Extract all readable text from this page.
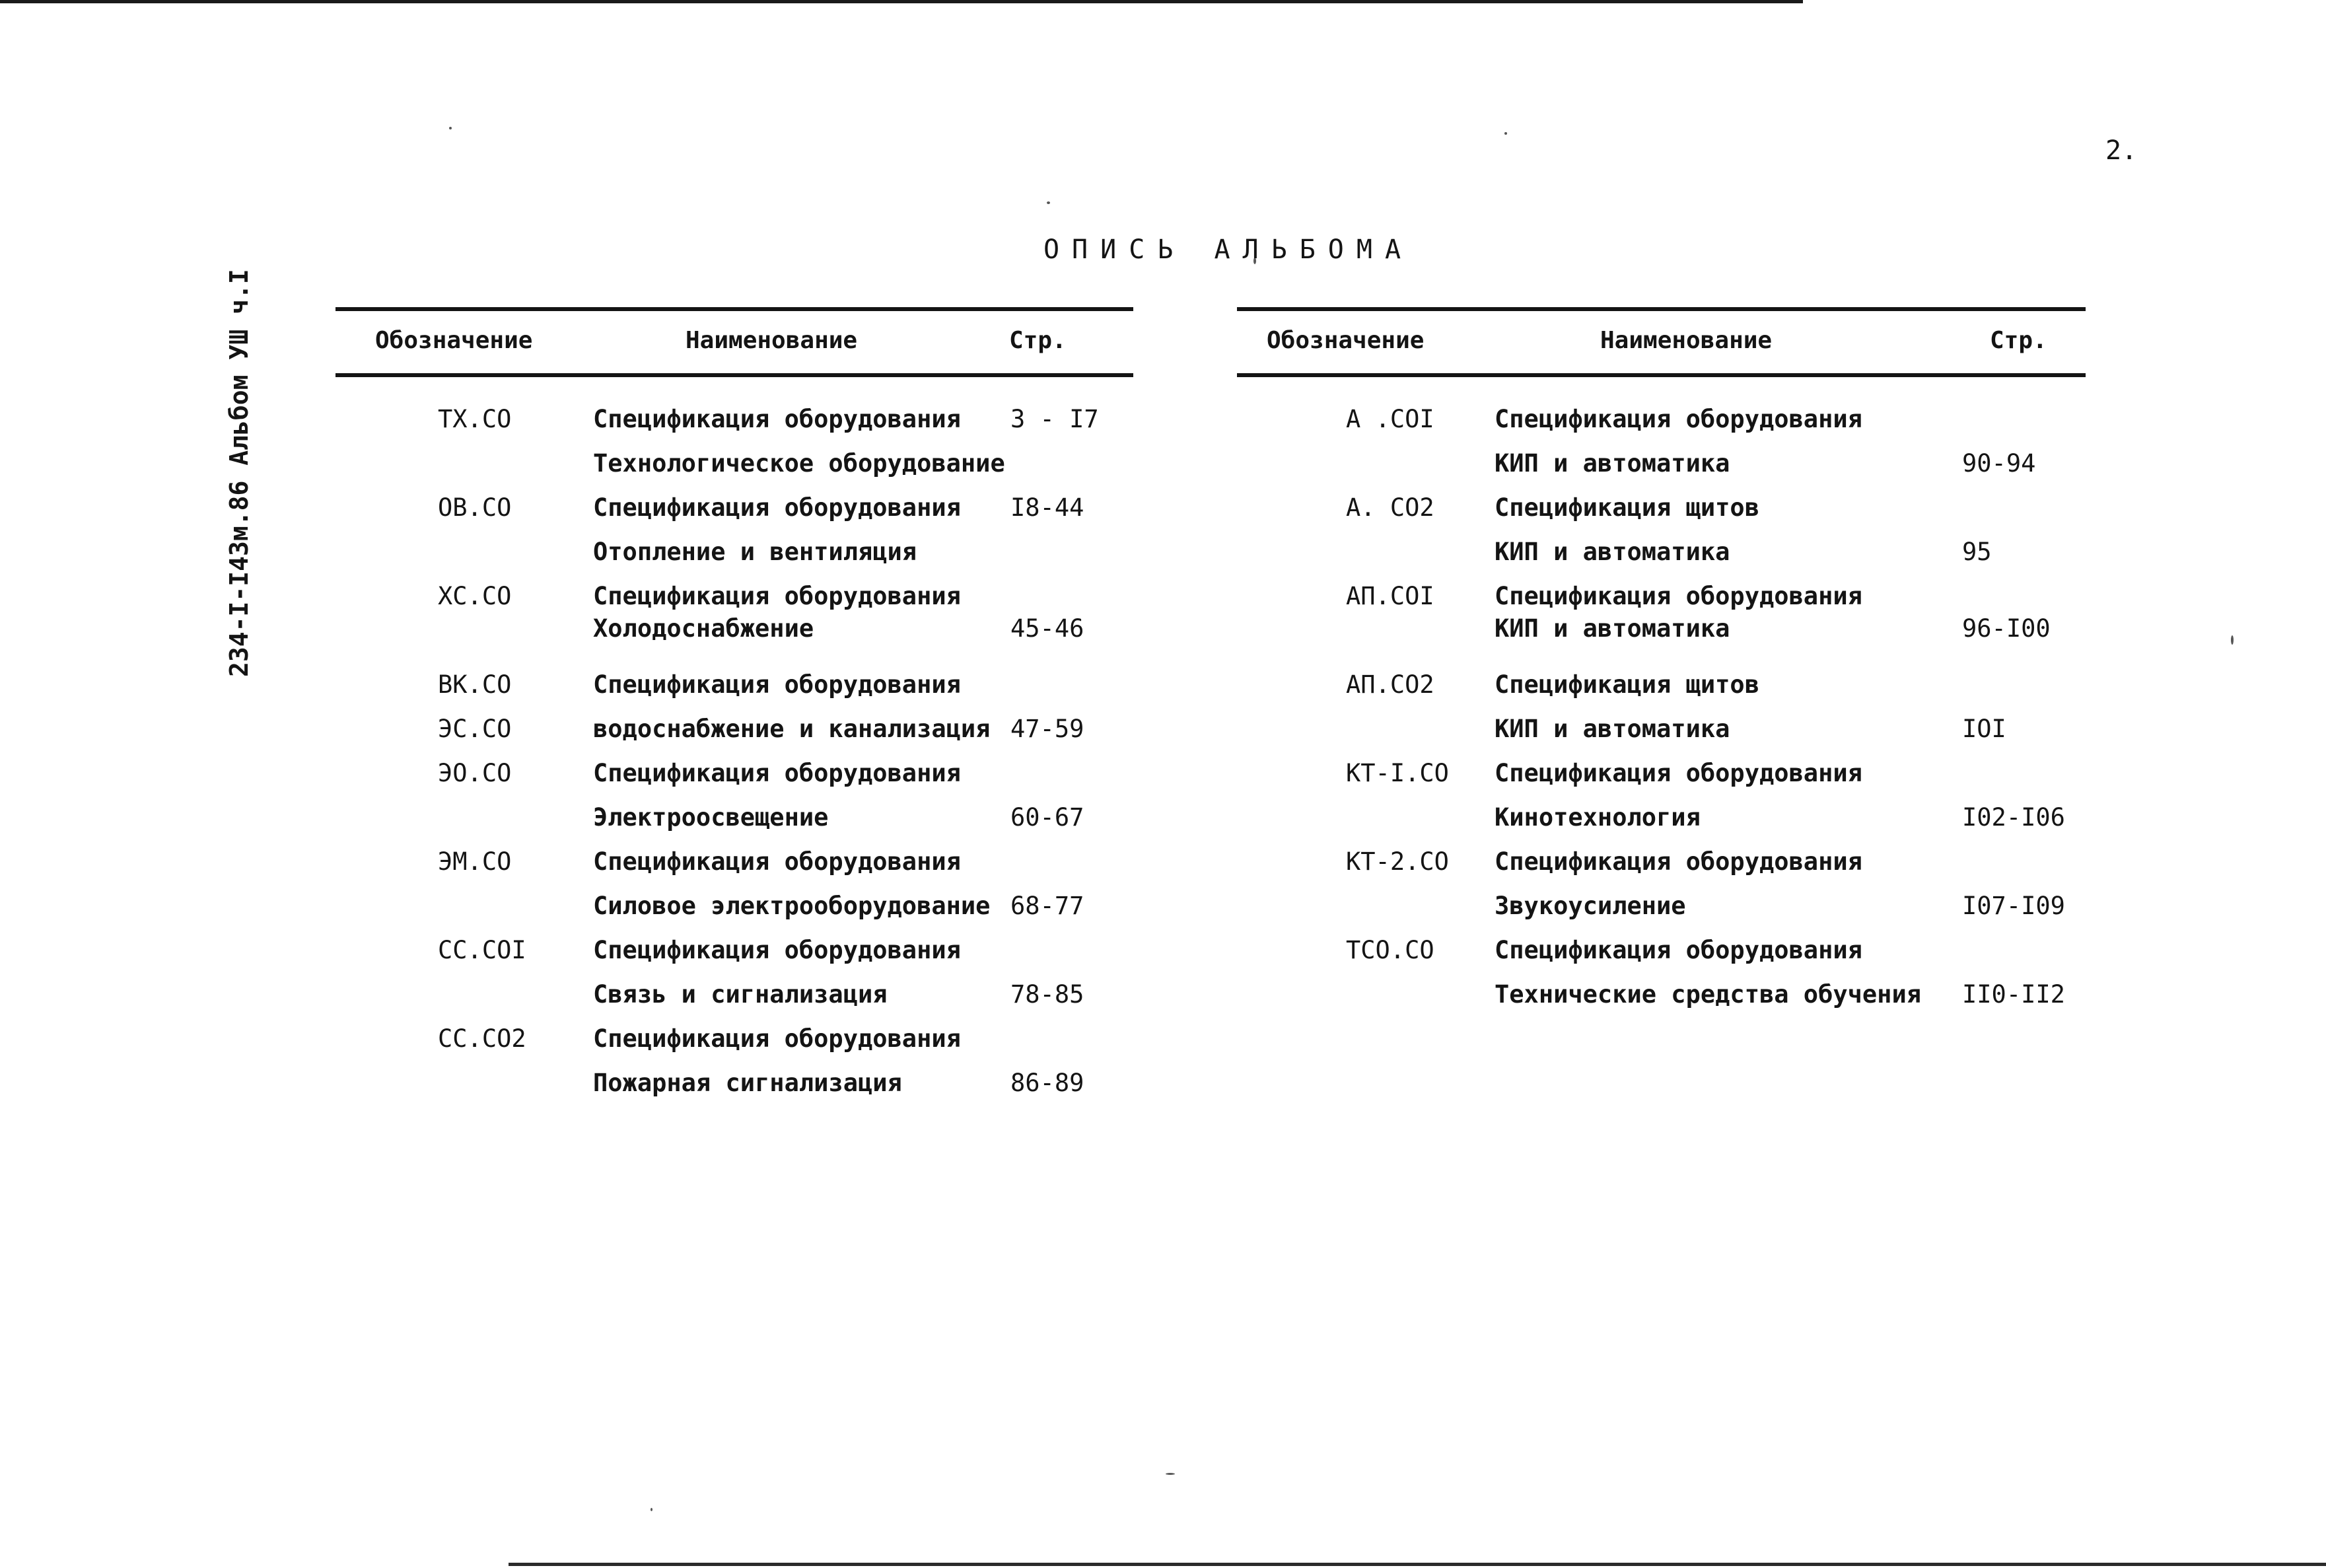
2.
234-I-I43м.86 Альбом УШ ч.I
ОПИСЬ АЛЬБОМА
Обозначение	Наименование	Стр.
TX.CO	Спецификация оборудования 3 - I7
Технологическое оборудование
OB.CO	Спецификация оборудования I8-44
Отопление и вентиляция
XC.CO	Спецификация оборудования
Холодоснабжение	45-46
BK.CO	Спецификация оборудования
ЭС.СО	водоснабжение и канализация 47-59
ЭО.CO	Спецификация оборудования
Электроосвещение	60-67
ЭМ.CO	Спецификация оборудования
Силовое электрооборудование 68-77
CC.COI	Спецификация оборудования
Связь и сигнализация	78-85
CC.CO2	Спецификация оборудования
Пожарная сигнализация	86-89
Обозначение	Наименование	Стр.
A .COI Спецификация оборудования
КИП и автоматика	90-94
A. CO2 Спецификация щитов
КИП и автоматика	95
АП.COI Спецификация оборудования
КИП и автоматика	96-I00
АП.CO2 Спецификация щитов
КИП и автоматика	IOI
KT-I.CO Спецификация оборудования
Кинотехнология	I02-I06
KT-2.CO Спецификация оборудования
Звукоусиление	I07-I09
TCO.CO Спецификация оборудования
Технические средства обучения II0-II2
